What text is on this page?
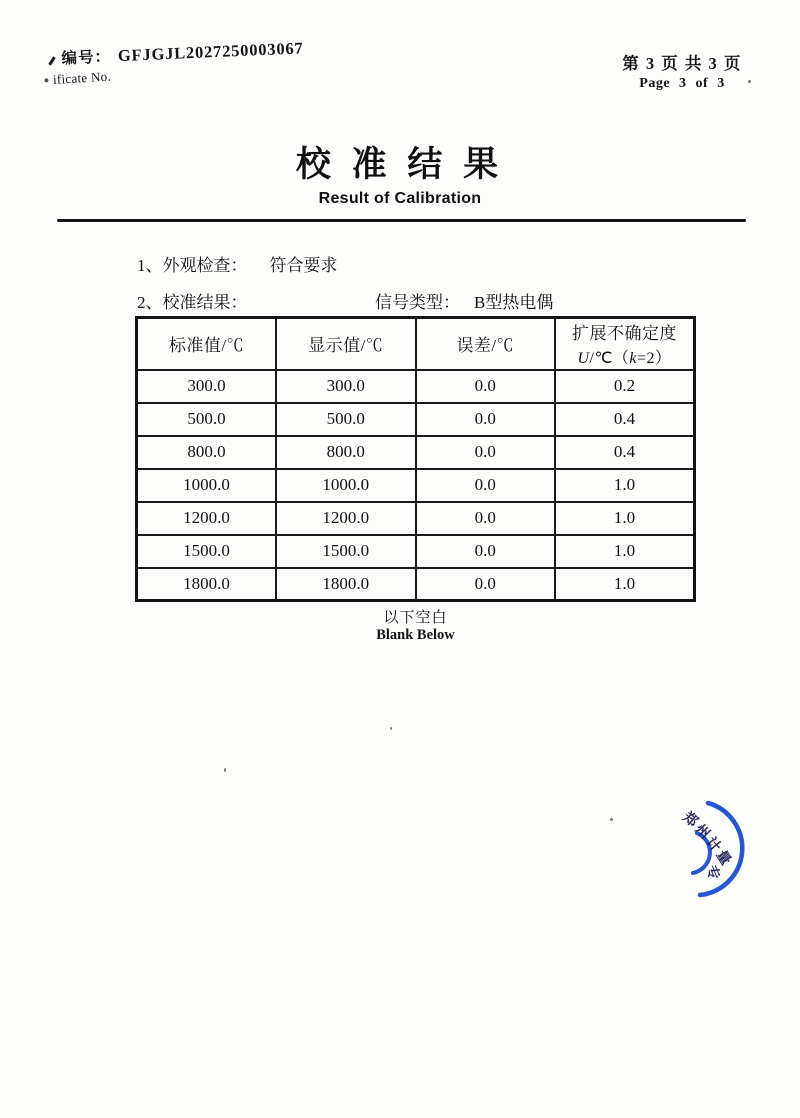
编号： GFJGJL2027250003067
ificate No.
第 3 页 共 3 页
Page 3 of 3
校 准 结 果
Result of Calibration
1、外观检查： 符合要求
2、校准结果：	信号类型： B型热电偶
标准值/℃	显示值/℃	误差/℃	扩展不确定度
U/℃（k=2）

300.0	300.0	0.0	0.2
500.0	500.0	0.0	0.4
800.0	800.0	0.0	0.4
1000.0	1000.0	0.0	1.0
1200.0	1200.0	0.0	1.0
1500.0	1500.0	0.0	1.0
1800.0	1800.0	0.0	1.0
以下空白
Blank Below
郑
州
计
量
专
